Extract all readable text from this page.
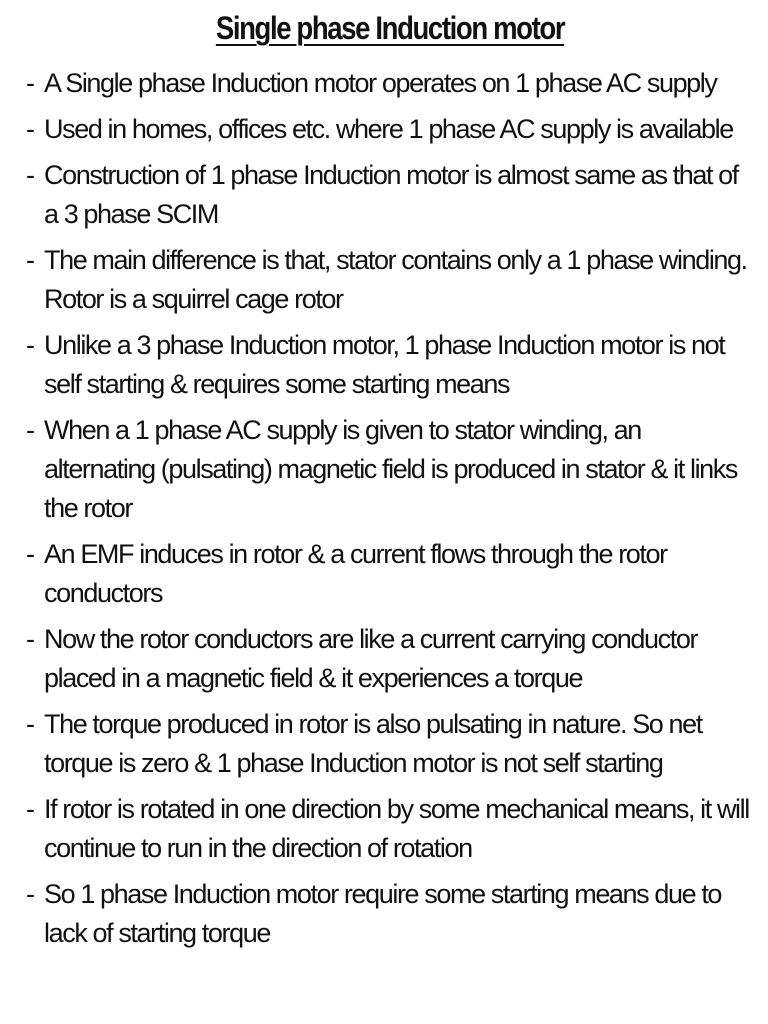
Single phase Induction motor
- A Single phase Induction motor operates on 1 phase AC supply
- Used in homes, offices etc. where 1 phase AC supply is available
- Construction of 1 phase Induction motor is almost same as that of a 3 phase SCIM
- The main difference is that, stator contains only a 1 phase winding. Rotor is a squirrel cage rotor
- Unlike a 3 phase Induction motor, 1 phase Induction motor is not self starting & requires some starting means
- When a 1 phase AC supply is given to stator winding, an alternating (pulsating) magnetic field is produced in stator & it links the rotor
- An EMF induces in rotor & a current flows through the rotor conductors
- Now the rotor conductors are like a current carrying conductor placed in a magnetic field & it experiences a torque
- The torque produced in rotor is also pulsating in nature. So net torque is zero & 1 phase Induction motor is not self starting
- If rotor is rotated in one direction by some mechanical means, it will continue to run in the direction of rotation
- So 1 phase Induction motor require some starting means due to lack of starting torque
